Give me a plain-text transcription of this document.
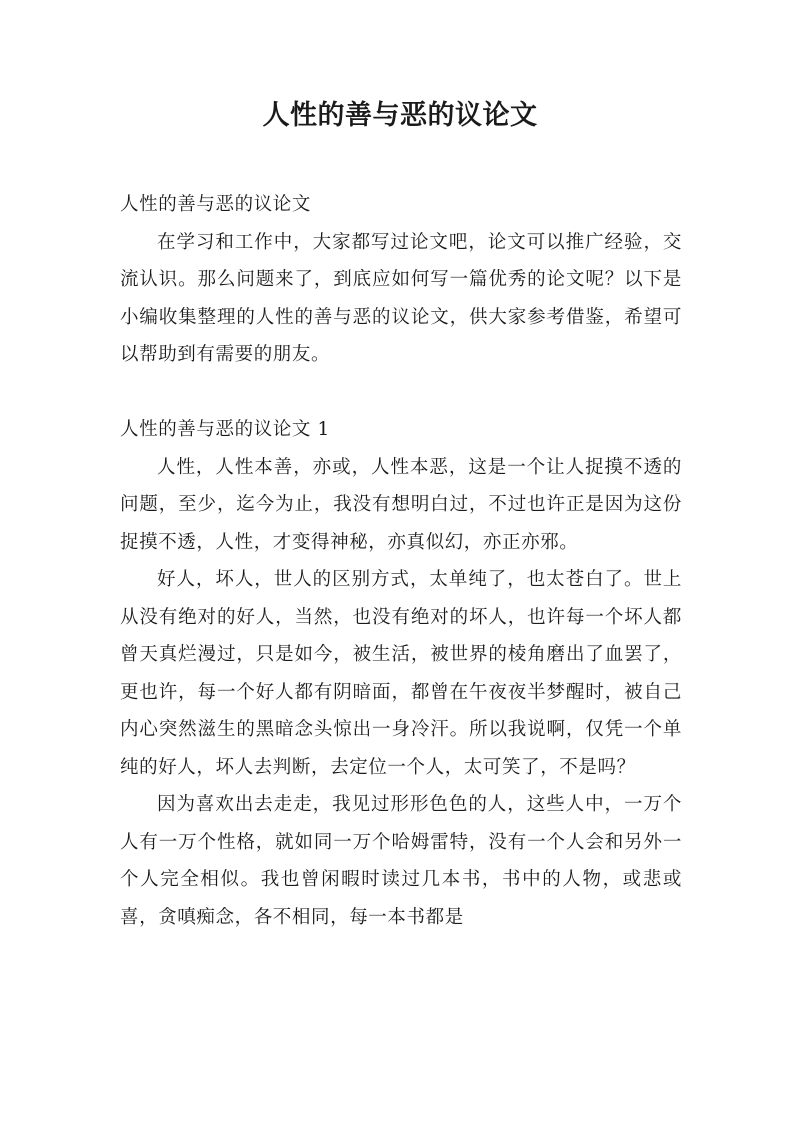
人性的善与恶的议论文

人性的善与恶的议论文

在学习和工作中，大家都写过论文吧，论文可以推广经验，交流认识。那么问题来了，到底应如何写一篇优秀的论文呢？以下是小编收集整理的人性的善与恶的议论文，供大家参考借鉴，希望可以帮助到有需要的朋友。

人性的善与恶的议论文 1

人性，人性本善，亦或，人性本恶，这是一个让人捉摸不透的问题，至少，迄今为止，我没有想明白过，不过也许正是因为这份捉摸不透，人性，才变得神秘，亦真似幻，亦正亦邪。

好人，坏人，世人的区别方式，太单纯了，也太苍白了。世上从没有绝对的好人，当然，也没有绝对的坏人，也许每一个坏人都曾天真烂漫过，只是如今，被生活，被世界的棱角磨出了血罢了，更也许，每一个好人都有阴暗面，都曾在午夜夜半梦醒时，被自己内心突然滋生的黑暗念头惊出一身冷汗。所以我说啊，仅凭一个单纯的好人，坏人去判断，去定位一个人，太可笑了，不是吗？

因为喜欢出去走走，我见过形形色色的人，这些人中，一万个人有一万个性格，就如同一万个哈姆雷特，没有一个人会和另外一个人完全相似。我也曾闲暇时读过几本书，书中的人物，或悲或喜，贪嗔痴念，各不相同，每一本书都是
